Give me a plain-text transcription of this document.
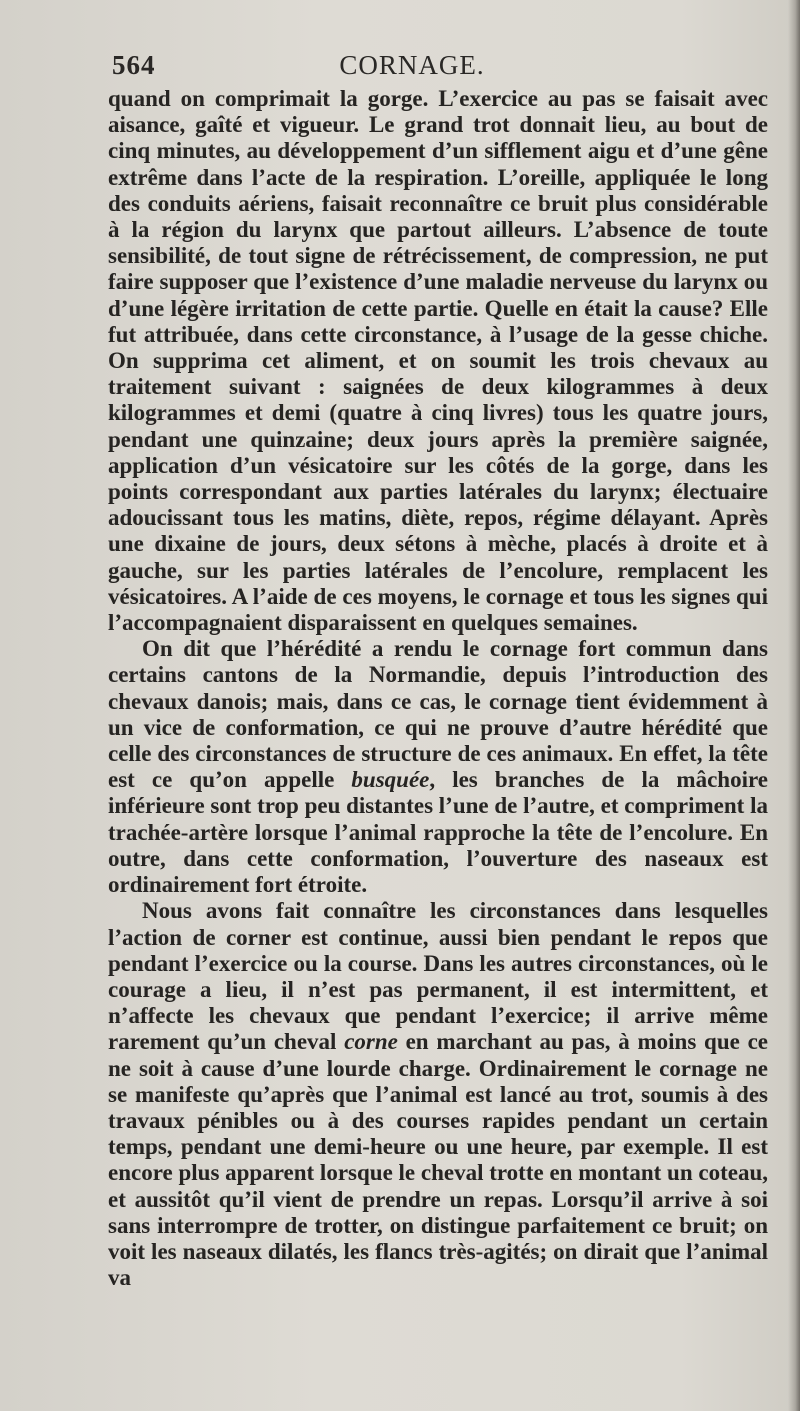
564	CORNAGE.

quand on comprimait la gorge. L’exercice au pas se faisait avec aisance, gaîté et vigueur. Le grand trot donnait lieu, au bout de cinq minutes, au développement d’un sifflement aigu et d’une gêne extrême dans l’acte de la respiration. L’oreille, appliquée le long des conduits aériens, faisait reconnaître ce bruit plus considérable à la région du larynx que partout ailleurs. L’absence de toute sensibilité, de tout signe de rétrécissement, de compression, ne put faire supposer que l’existence d’une maladie nerveuse du larynx ou d’une légère irritation de cette partie. Quelle en était la cause? Elle fut attribuée, dans cette circonstance, à l’usage de la gesse chiche. On supprima cet aliment, et on soumit les trois chevaux au traitement suivant : saignées de deux kilogrammes à deux kilogrammes et demi (quatre à cinq livres) tous les quatre jours, pendant une quinzaine; deux jours après la première saignée, application d’un vésicatoire sur les côtés de la gorge, dans les points correspondant aux parties latérales du larynx; électuaire adoucissant tous les matins, diète, repos, régime délayant. Après une dixaine de jours, deux sétons à mèche, placés à droite et à gauche, sur les parties latérales de l’encolure, remplacent les vésicatoires. A l’aide de ces moyens, le cornage et tous les signes qui l’accompagnaient disparaissent en quelques semaines.

On dit que l’hérédité a rendu le cornage fort commun dans certains cantons de la Normandie, depuis l’introduction des chevaux danois; mais, dans ce cas, le cornage tient évidemment à un vice de conformation, ce qui ne prouve d’autre hérédité que celle des circonstances de structure de ces animaux. En effet, la tête est ce qu’on appelle busquée, les branches de la mâchoire inférieure sont trop peu distantes l’une de l’autre, et compriment la trachée-artère lorsque l’animal rapproche la tête de l’encolure. En outre, dans cette conformation, l’ouverture des naseaux est ordinairement fort étroite.

Nous avons fait connaître les circonstances dans lesquelles l’action de corner est continue, aussi bien pendant le repos que pendant l’exercice ou la course. Dans les autres circonstances, où le courage a lieu, il n’est pas permanent, il est intermittent, et n’affecte les chevaux que pendant l’exercice; il arrive même rarement qu’un cheval corne en marchant au pas, à moins que ce ne soit à cause d’une lourde charge. Ordinairement le cornage ne se manifeste qu’après que l’animal est lancé au trot, soumis à des travaux pénibles ou à des courses rapides pendant un certain temps, pendant une demi-heure ou une heure, par exemple. Il est encore plus apparent lorsque le cheval trotte en montant un coteau, et aussitôt qu’il vient de prendre un repas. Lorsqu’il arrive à soi sans interrompre de trotter, on distingue parfaitement ce bruit; on voit les naseaux dilatés, les flancs très-agités; on dirait que l’animal va
